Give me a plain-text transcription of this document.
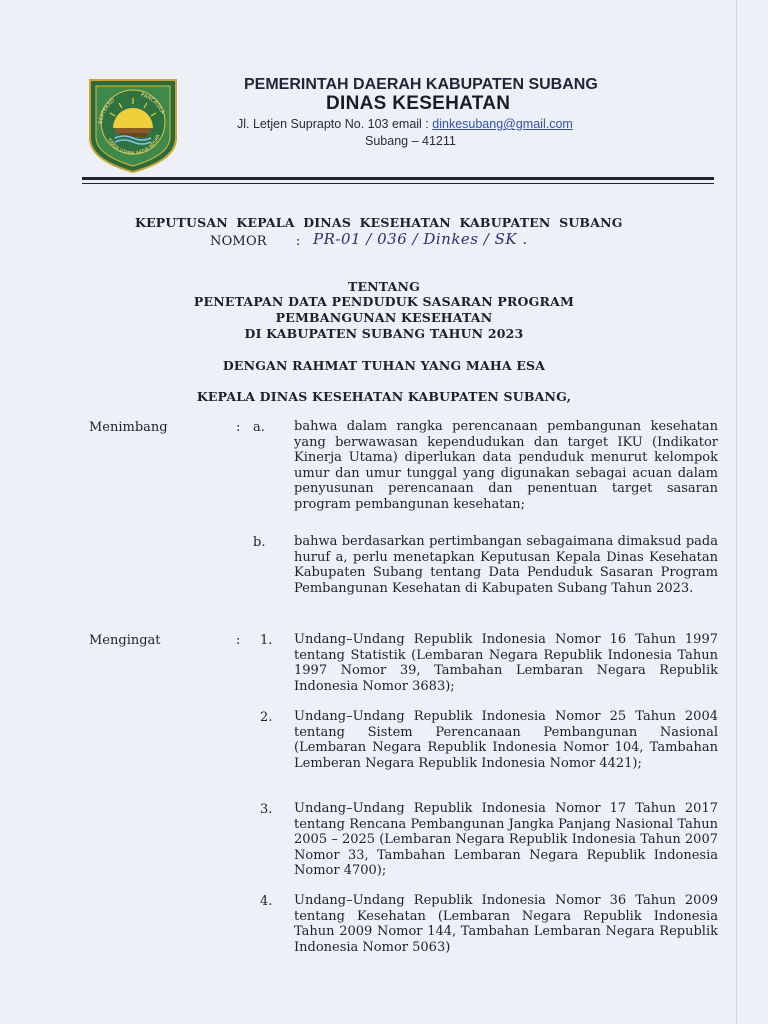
BERTEKAD
PANCASILA
KARYA UTAMA SATYA NEGAR
PEMERINTAH DAERAH KABUPATEN SUBANG
DINAS KESEHATAN
Jl. Letjen Suprapto No. 103 email : dinkesubang@gmail.com
Subang – 41211
KEPUTUSAN KEPALA DINAS KESEHATAN KABUPATEN SUBANG
NOMOR : PR-01 / 036 / Dinkes / SK .
TENTANG
PENETAPAN DATA PENDUDUK SASARAN PROGRAM
PEMBANGUNAN KESEHATAN
DI KABUPATEN SUBANG TAHUN 2023
DENGAN RAHMAT TUHAN YANG MAHA ESA
KEPALA DINAS KESEHATAN KABUPATEN SUBANG,
Menimbang	: a. bahwa dalam rangka perencanaan pembangunan kesehatan yang berwawasan kependudukan dan target IKU (Indikator Kinerja Utama) diperlukan data penduduk menurut kelompok umur dan umur tunggal yang digunakan sebagai acuan dalam penyusunan perencanaan dan penentuan target sasaran program pembangunan kesehatan;

b. bahwa berdasarkan pertimbangan sebagaimana dimaksud pada huruf a, perlu menetapkan Keputusan Kepala Dinas Kesehatan Kabupaten Subang tentang Data Penduduk Sasaran Program Pembangunan Kesehatan di Kabupaten Subang Tahun 2023.

Mengingat	: 1. Undang–Undang Republik Indonesia Nomor 16 Tahun 1997 tentang Statistik (Lembaran Negara Republik Indonesia Tahun 1997 Nomor 39, Tambahan Lembaran Negara Republik Indonesia Nomor 3683);

2. Undang–Undang Republik Indonesia Nomor 25 Tahun 2004 tentang Sistem Perencanaan Pembangunan Nasional (Lembaran Negara Republik Indonesia Nomor 104, Tambahan Lemberan Negara Republik Indonesia Nomor 4421);

3. Undang–Undang Republik Indonesia Nomor 17 Tahun 2017 tentang Rencana Pembangunan Jangka Panjang Nasional Tahun 2005 – 2025 (Lembaran Negara Republik Indonesia Tahun 2007 Nomor 33, Tambahan Lembaran Negara Republik Indonesia Nomor 4700);

4. Undang–Undang Republik Indonesia Nomor 36 Tahun 2009 tentang Kesehatan (Lembaran Negara Republik Indonesia Tahun 2009 Nomor 144, Tambahan Lembaran Negara Republik Indonesia Nomor 5063)
